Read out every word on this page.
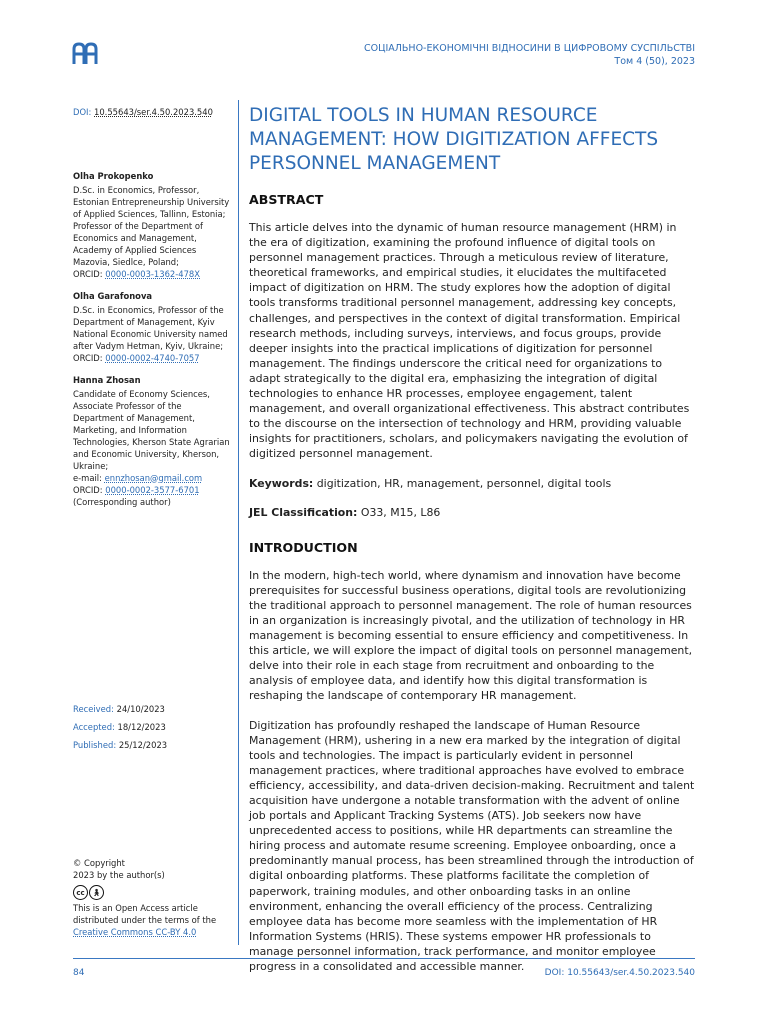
СОЦІАЛЬНО-ЕКОНОМІЧНІ ВІДНОСИНИ В ЦИФРОВОМУ СУСПІЛЬСТВІ
Том 4 (50), 2023
DOI: 10.55643/ser.4.50.2023.540
Olha Prokopenko
D.Sc. in Economics, Professor, Estonian Entrepreneurship University of Applied Sciences, Tallinn, Estonia; Professor of the Department of Economics and Management, Academy of Applied Sciences Mazovia, Siedlce, Poland;
ORCID: 0000-0003-1362-478X
Olha Garafonova
D.Sc. in Economics, Professor of the Department of Management, Kyiv National Economic University named after Vadym Hetman, Kyiv, Ukraine;
ORCID: 0000-0002-4740-7057
Hanna Zhosan
Candidate of Economy Sciences, Associate Professor of the Department of Management, Marketing, and Information Technologies, Kherson State Agrarian and Economic University, Kherson, Ukraine;
e-mail: ennzhosan@gmail.com
ORCID: 0000-0002-3577-6701
(Corresponding author)
Received: 24/10/2023
Accepted: 18/12/2023
Published: 25/12/2023
© Copyright
2023 by the author(s)
cc	🚶︎
This is an Open Access article distributed under the terms of the
Creative Commons CC-BY 4.0
DIGITAL TOOLS IN HUMAN RESOURCE MANAGEMENT: HOW DIGITIZATION AFFECTS PERSONNEL MANAGEMENT
ABSTRACT

This article delves into the dynamic of human resource management (HRM) in the era of digitization, examining the profound influence of digital tools on personnel management practices. Through a meticulous review of literature, theoretical frameworks, and empirical studies, it elucidates the multifaceted impact of digitization on HRM. The study explores how the adoption of digital tools transforms traditional personnel management, addressing key concepts, challenges, and perspectives in the context of digital transformation. Empirical research methods, including surveys, interviews, and focus groups, provide deeper insights into the practical implications of digitization for personnel management. The findings underscore the critical need for organizations to adapt strategically to the digital era, emphasizing the integration of digital technologies to enhance HR processes, employee engagement, talent management, and overall organizational effectiveness. This abstract contributes to the discourse on the intersection of technology and HRM, providing valuable insights for practitioners, scholars, and policymakers navigating the evolution of digitized personnel management.

Keywords: digitization, HR, management, personnel, digital tools

JEL Classification: O33, M15, L86

INTRODUCTION

In the modern, high-tech world, where dynamism and innovation have become prerequisites for successful business operations, digital tools are revolutionizing the traditional approach to personnel management. The role of human resources in an organization is increasingly pivotal, and the utilization of technology in HR management is becoming essential to ensure efficiency and competitiveness. In this article, we will explore the impact of digital tools on personnel management, delve into their role in each stage from recruitment and onboarding to the analysis of employee data, and identify how this digital transformation is reshaping the landscape of contemporary HR management.

Digitization has profoundly reshaped the landscape of Human Resource Management (HRM), ushering in a new era marked by the integration of digital tools and technologies. The impact is particularly evident in personnel management practices, where traditional approaches have evolved to embrace efficiency, accessibility, and data-driven decision-making. Recruitment and talent acquisition have undergone a notable transformation with the advent of online job portals and Applicant Tracking Systems (ATS). Job seekers now have unprecedented access to positions, while HR departments can streamline the hiring process and automate resume screening. Employee onboarding, once a predominantly manual process, has been streamlined through the introduction of digital onboarding platforms. These platforms facilitate the completion of paperwork, training modules, and other onboarding tasks in an online environment, enhancing the overall efficiency of the process. Centralizing employee data has become more seamless with the implementation of HR Information Systems (HRIS). These systems empower HR professionals to manage personnel information, track performance, and monitor employee progress in a consolidated and accessible manner.

84	DOI: 10.55643/ser.4.50.2023.540
